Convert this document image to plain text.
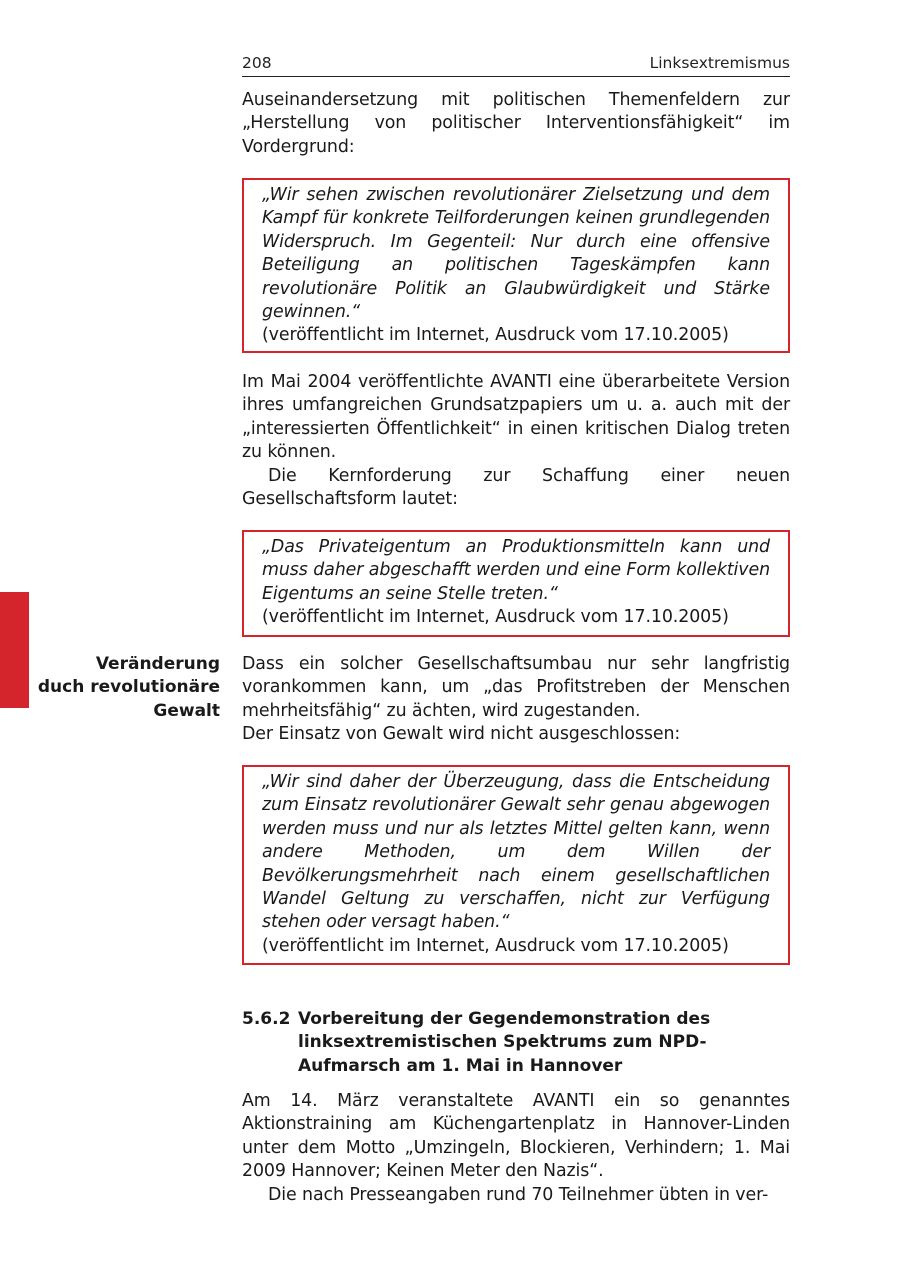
208	Linksextremismus

Auseinandersetzung mit politischen Themenfeldern zur „Herstellung von politischer Interventionsfähigkeit“ im Vordergrund:

„Wir sehen zwischen revolutionärer Zielsetzung und dem Kampf für konkrete Teilforderungen keinen grundlegenden Widerspruch. Im Gegenteil: Nur durch eine offensive Beteiligung an politischen Tageskämpfen kann revolutionäre Politik an Glaubwürdigkeit und Stärke gewinnen.“
(veröffentlicht im Internet, Ausdruck vom 17.10.2005)

Im Mai 2004 veröffentlichte AVANTI eine überarbeitete Version ihres umfangreichen Grundsatzpapiers um u. a. auch mit der „interessierten Öffentlichkeit“ in einen kritischen Dialog treten zu können.

Die Kernforderung zur Schaffung einer neuen Gesellschaftsform lautet:

„Das Privateigentum an Produktionsmitteln kann und muss daher abgeschafft werden und eine Form kollektiven Eigentums an seine Stelle treten.“
(veröffentlicht im Internet, Ausdruck vom 17.10.2005)
Veränderung
duch revolutionäre
Gewalt

Dass ein solcher Gesellschaftsumbau nur sehr langfristig vorankommen kann, um „das Profitstreben der Menschen mehrheitsfähig“ zu ächten, wird zugestanden.

Der Einsatz von Gewalt wird nicht ausgeschlossen:

„Wir sind daher der Überzeugung, dass die Entscheidung zum Einsatz revolutionärer Gewalt sehr genau abgewogen werden muss und nur als letztes Mittel gelten kann, wenn andere Methoden, um dem Willen der Bevölkerungsmehrheit nach einem gesellschaftlichen Wandel Geltung zu verschaffen, nicht zur Verfügung stehen oder versagt haben.“
(veröffentlicht im Internet, Ausdruck vom 17.10.2005)
5.6.2 Vorbereitung der Gegendemonstration des linksextremistischen Spektrums zum NPD-Aufmarsch am 1. Mai in Hannover

Am 14. März veranstaltete AVANTI ein so genanntes Aktionstraining am Küchengartenplatz in Hannover-Linden unter dem Motto „Umzingeln, Blockieren, Verhindern; 1. Mai 2009 Hannover; Keinen Meter den Nazis“.

Die nach Presseangaben rund 70 Teilnehmer übten in ver-
